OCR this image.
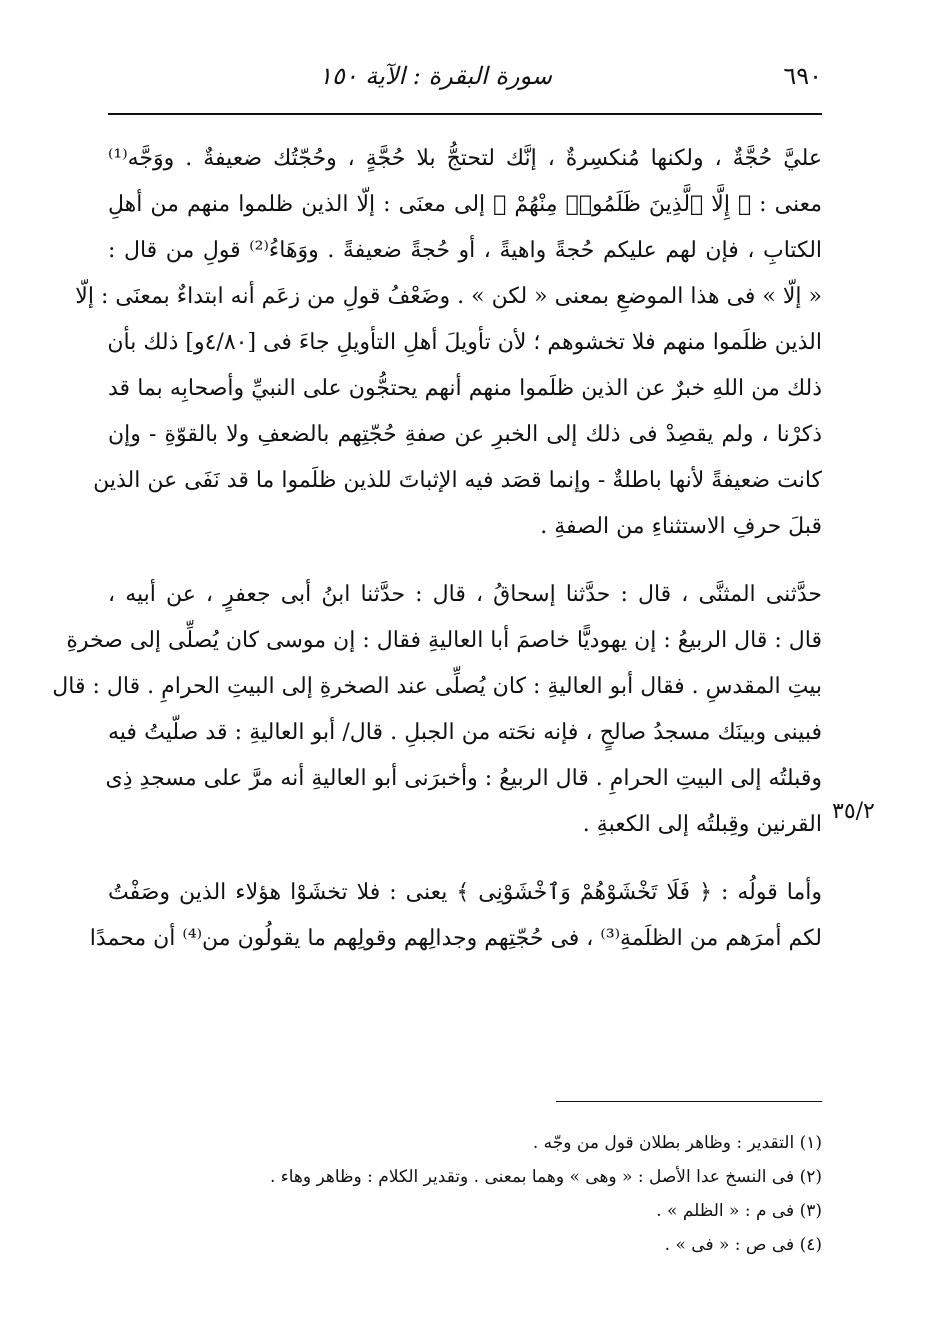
٦٩٠
سورة البقرة : الآية ١٥٠
عليَّ حُجَّةٌ ، ولكنها مُنكسِرةٌ ، إنَّك لتحتجُّ بلا حُجَّةٍ ، وحُجّتُك ضعيفةٌ . ووَجَّه⁽¹⁾
معنى : ﴿ إِلَّا ٱلَّذِينَ ظَلَمُوا۟ مِنْهُمْ ﴾ إلى معنَى : إلّا الذين ظلموا منهم من أهلِ
الكتابِ ، فإن لهم عليكم حُجةً واهيةً ، أو حُجةً ضعيفةً . ووَهَاءُ⁽²⁾ قولِ من قال :
« إلّا » فى هذا الموضعِ بمعنى « لكن » . وضَعْفُ قولِ من زعَم أنه ابتداءٌ بمعنَى : إلّا
الذين ظلَموا منهم فلا تخشوهم ؛ لأن تأويلَ أهلِ التأويلِ جاءَ فى [٤/٨٠و] ذلك بأن
ذلك من اللهِ خبرٌ عن الذين ظلَموا منهم أنهم يحتجُّون على النبيِّ وأصحابِه بما قد
ذكرْنا ، ولم يقصِدْ فى ذلك إلى الخبرِ عن صفةِ حُجّتِهم بالضعفِ ولا بالقوّةِ - وإن
كانت ضعيفةً لأنها باطلةٌ - وإنما قصَد فيه الإثباتَ للذين ظلَموا ما قد نَفَى عن الذين
قبلَ حرفِ الاستثناءِ من الصفةِ .
حدَّثنى المثنَّى ، قال : حدَّثنا إسحاقُ ، قال : حدَّثنا ابنُ أبى جعفرٍ ، عن أبيه ،
قال : قال الربيعُ : إن يهوديًّا خاصمَ أبا العاليةِ فقال : إن موسى كان يُصلِّى إلى صخرةِ
بيتِ المقدسِ . فقال أبو العاليةِ : كان يُصلِّى عند الصخرةِ إلى البيتِ الحرامِ . قال : قال
فبينى وبينَك مسجدُ صالحٍ ، فإنه نحَته من الجبلِ . قال/ أبو العاليةِ : قد صلّيتُ فيه
وقبلتُه إلى البيتِ الحرامِ . قال الربيعُ : وأخبرَنى أبو العاليةِ أنه مرَّ على مسجدِ ذِى
القرنين وقِبلتُه إلى الكعبةِ .
وأما قولُه : ﴿ فَلَا تَخْشَوْهُمْ وَٱخْشَوْنِى ﴾ يعنى : فلا تخشَوْا هؤلاء الذين وصَفْتُ
لكم أمرَهم من الظلَمةِ⁽³⁾ ، فى حُجّتِهم وجدالِهم وقولِهم ما يقولُون من⁽⁴⁾ أن محمدًا
٣٥/٢
(١) التقدير : وظاهر بطلان قول من وجّه .
(٢) فى النسخ عدا الأصل : « وهى » وهما بمعنى . وتقدير الكلام : وظاهر وهاء .
(٣) فى م : « الظلم » .
(٤) فى ص : « فى » .
